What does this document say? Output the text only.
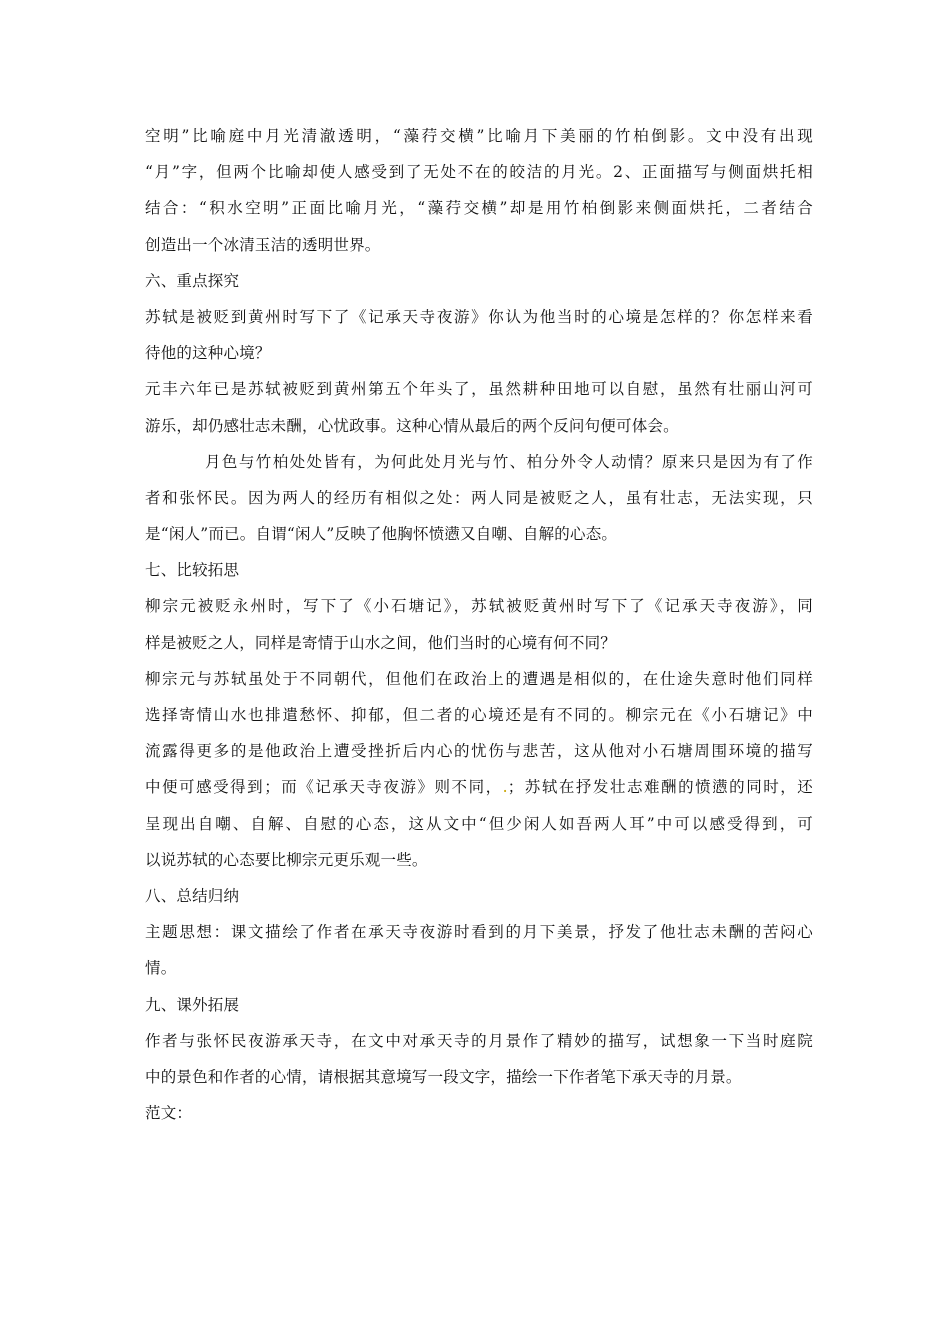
空明”比喻庭中月光清澈透明，“藻荇交横”比喻月下美丽的竹柏倒影。文中没有出现
“月”字，但两个比喻却使人感受到了无处不在的皎洁的月光。2、正面描写与侧面烘托相
结合：“积水空明”正面比喻月光，“藻荇交横”却是用竹柏倒影来侧面烘托，二者结合
创造出一个冰清玉洁的透明世界。
六、重点探究
苏轼是被贬到黄州时写下了《记承天寺夜游》你认为他当时的心境是怎样的？你怎样来看
待他的这种心境？
元丰六年已是苏轼被贬到黄州第五个年头了，虽然耕种田地可以自慰，虽然有壮丽山河可
游乐，却仍感壮志未酬，心忧政事。这种心情从最后的两个反问句便可体会。
月色与竹柏处处皆有，为何此处月光与竹、柏分外令人动情？原来只是因为有了作
者和张怀民。因为两人的经历有相似之处：两人同是被贬之人，虽有壮志，无法实现，只
是“闲人”而已。自谓“闲人”反映了他胸怀愤懑又自嘲、自解的心态。
七、比较拓思
柳宗元被贬永州时，写下了《小石塘记》，苏轼被贬黄州时写下了《记承天寺夜游》，同
样是被贬之人，同样是寄情于山水之间，他们当时的心境有何不同？
柳宗元与苏轼虽处于不同朝代，但他们在政治上的遭遇是相似的，在仕途失意时他们同样
选择寄情山水也排遣愁怀、抑郁，但二者的心境还是有不同的。柳宗元在《小石塘记》中
流露得更多的是他政治上遭受挫折后内心的忧伤与悲苦，这从他对小石塘周围环境的描写
中便可感受得到；而《记承天寺夜游》则不同，.；苏轼在抒发壮志难酬的愤懑的同时，还
呈现出自嘲、自解、自慰的心态，这从文中“但少闲人如吾两人耳”中可以感受得到，可
以说苏轼的心态要比柳宗元更乐观一些。
八、总结归纳
主题思想：课文描绘了作者在承天寺夜游时看到的月下美景，抒发了他壮志未酬的苦闷心
情。
九、课外拓展
作者与张怀民夜游承天寺，在文中对承天寺的月景作了精妙的描写，试想象一下当时庭院
中的景色和作者的心情，请根据其意境写一段文字，描绘一下作者笔下承天寺的月景。
范文：
